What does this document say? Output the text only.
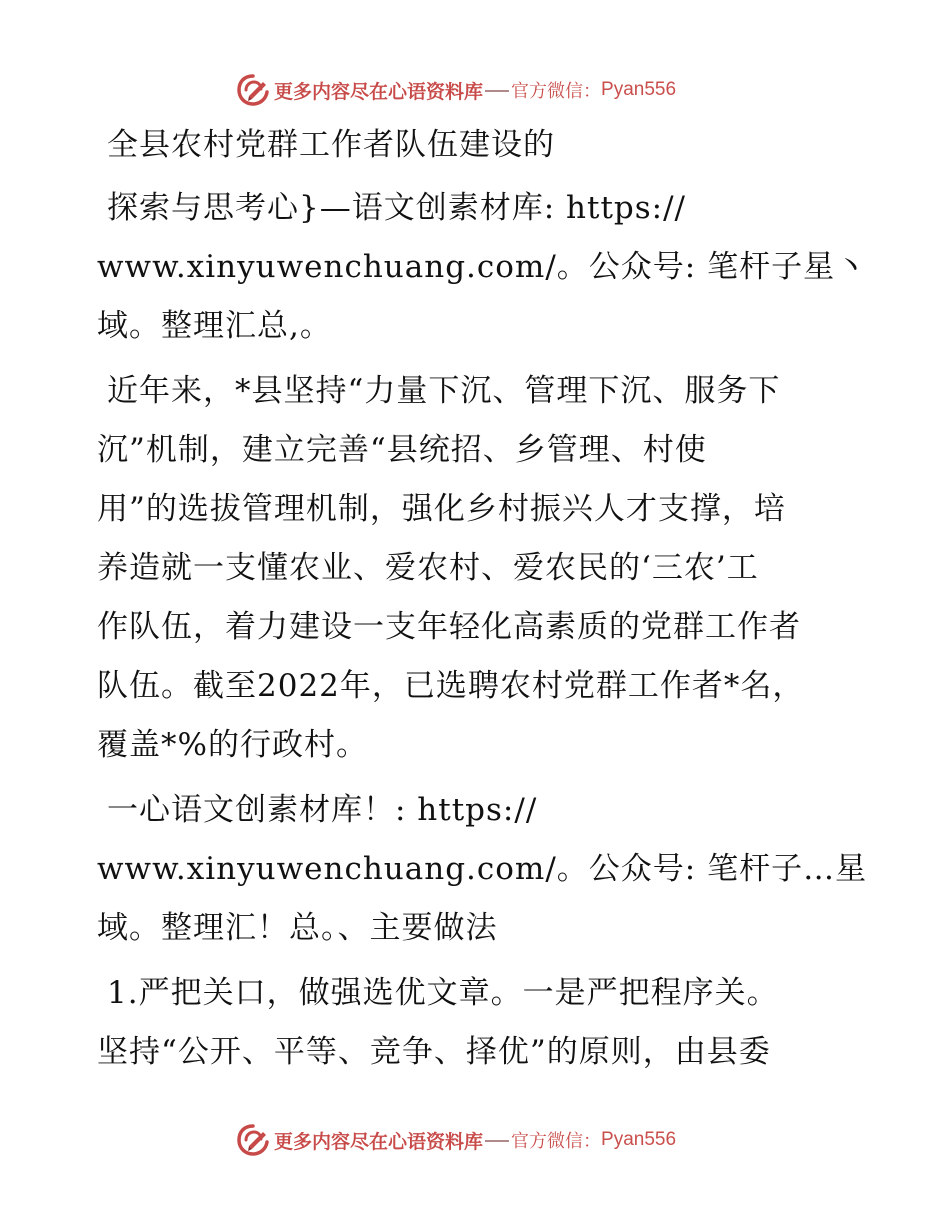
更多内容尽在心语资料库 官方微信： Pyan556

全县农村党群工作者队伍建设的

探索与思考心}—语文创素材库: https://
www.xinyuwenchuang.com/。公众号: 笔杆子星丶
域。整理汇总,。

近年来，*县坚持“力量下沉、管理下沉、服务下
沉”机制，建立完善“县统招、乡管理、村使
用”的选拔管理机制，强化乡村振兴人才支撑，培
养造就一支懂农业、爱农村、爱农民的‘三农’工
作队伍，着力建设一支年轻化高素质的党群工作者
队伍。截至2022年，已选聘农村党群工作者*名，
覆盖*%的行政村。

一心语文创素材库！: https://
www.xinyuwenchuang.com/。公众号: 笔杆子…星
域。整理汇！总。、主要做法

1.严把关口，做强选优文章。一是严把程序关。
坚持“公开、平等、竞争、择优”的原则，由县委

更多内容尽在心语资料库 官方微信： Pyan556
